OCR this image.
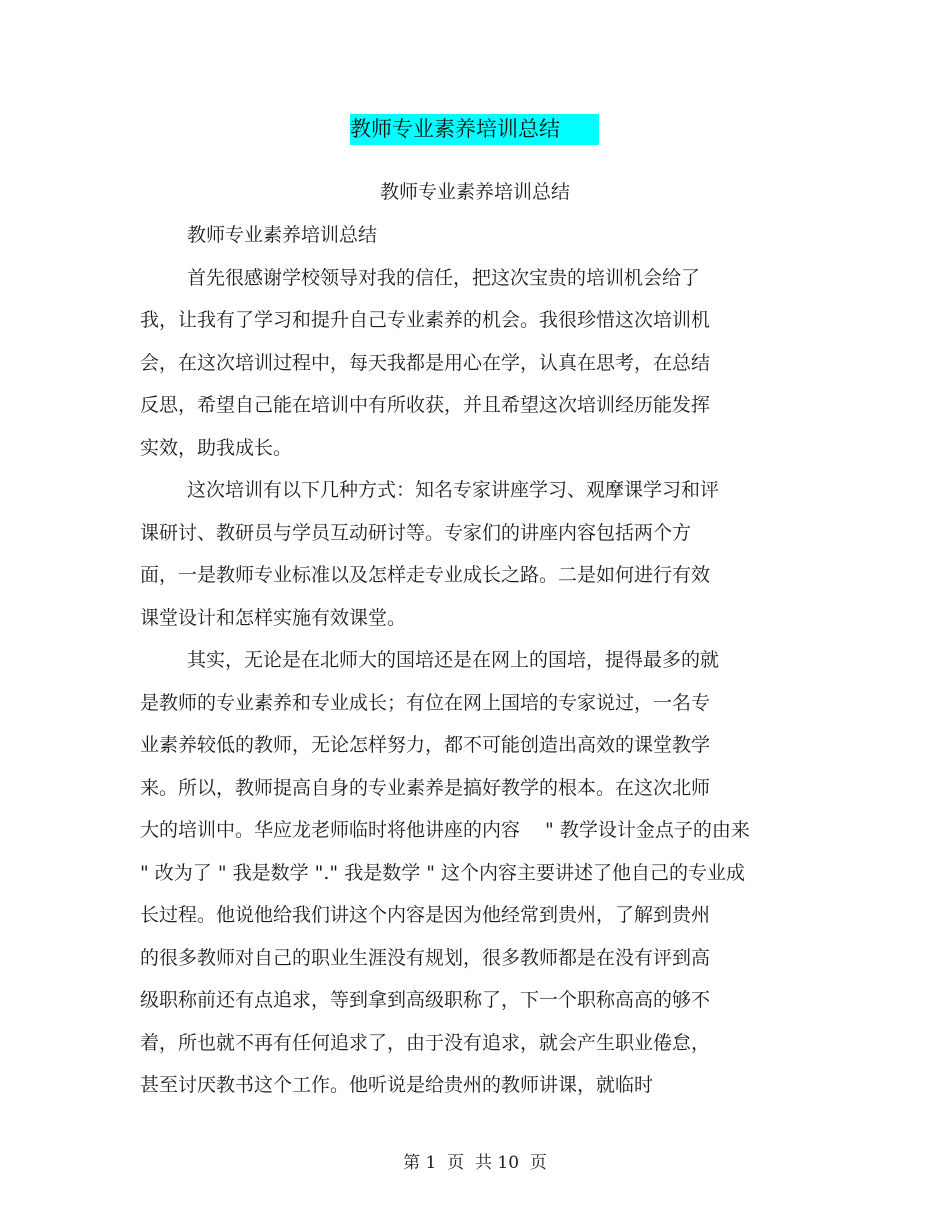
教师专业素养培训总结
教师专业素养培训总结
教师专业素养培训总结
首先很感谢学校领导对我的信任，把这次宝贵的培训机会给了
我，让我有了学习和提升自己专业素养的机会。我很珍惜这次培训机
会，在这次培训过程中，每天我都是用心在学，认真在思考，在总结
反思，希望自己能在培训中有所收获，并且希望这次培训经历能发挥
实效，助我成长。
这次培训有以下几种方式：知名专家讲座学习、观摩课学习和评
课研讨、教研员与学员互动研讨等。专家们的讲座内容包括两个方
面，一是教师专业标准以及怎样走专业成长之路。二是如何进行有效
课堂设计和怎样实施有效课堂。
其实，无论是在北师大的国培还是在网上的国培，提得最多的就
是教师的专业素养和专业成长；有位在网上国培的专家说过，一名专
业素养较低的教师，无论怎样努力，都不可能创造出高效的课堂教学
来。所以，教师提高自身的专业素养是搞好教学的根本。在这次北师
大的培训中。华应龙老师临时将他讲座的内容　 " 教学设计金点子的由来
" 改为了 " 我是数学 "." 我是数学 " 这个内容主要讲述了他自己的专业成
长过程。他说他给我们讲这个内容是因为他经常到贵州，了解到贵州
的很多教师对自己的职业生涯没有规划，很多教师都是在没有评到高
级职称前还有点追求，等到拿到高级职称了，下一个职称高高的够不
着，所也就不再有任何追求了，由于没有追求，就会产生职业倦怠，
甚至讨厌教书这个工作。他听说是给贵州的教师讲课，就临时
第 1  页  共 10  页
